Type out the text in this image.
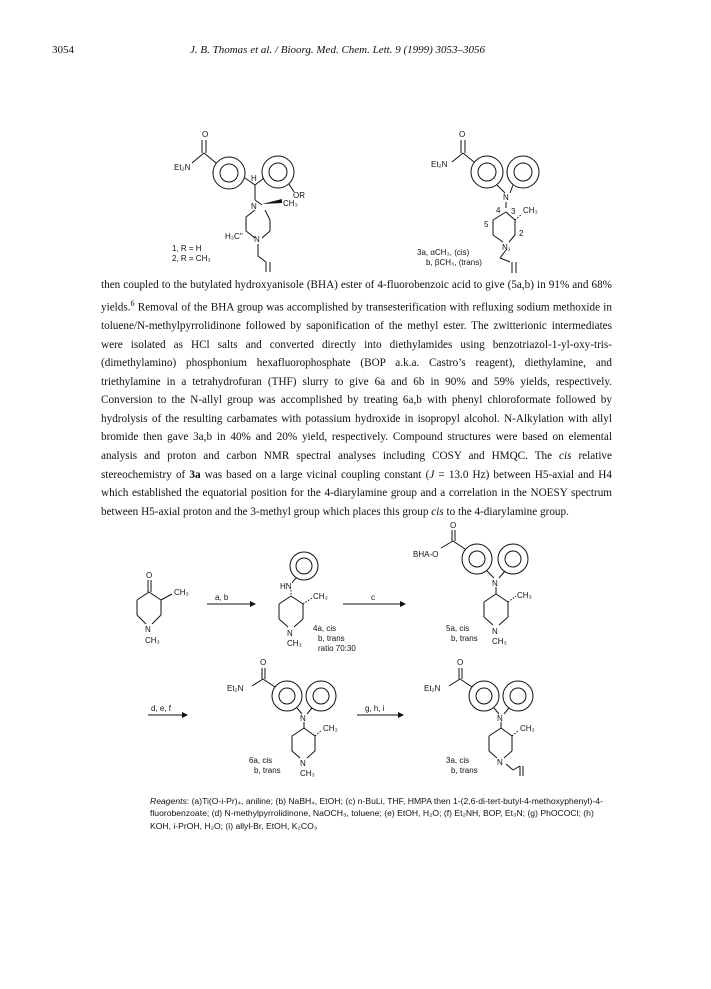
3054	J. B. Thomas et al. / Bioorg. Med. Chem. Lett. 9 (1999) 3053–3056
O
Et₂N
H
OR
N	CH₃
H₃C'' N
1, R = H
2, R = CH₃
O
Et₂N
N
4 3 CH₃
5
2
N₁
3a, αCH₃, (cis)
b, βCH₃, (trans)
then coupled to the butylated hydroxyanisole (BHA) ester of 4-fluorobenzoic acid to give (5a,b) in 91% and 68% yields.$^6$ Removal of the BHA group was accomplished by transesterification with refluxing sodium methoxide in toluene/N-methylpyrrolidinone followed by saponification of the methyl ester. The zwitterionic intermediates were isolated as HCl salts and converted directly into diethylamides using benzotriazol-1-yl-oxy-tris-(dimethylamino) phosphonium hexafluorophosphate (BOP a.k.a. Castro’s reagent), diethylamine, and triethylamine in a tetrahydrofuran (THF) slurry to give 6a and 6b in 90% and 59% yields, respectively. Conversion to the N-allyl group was accomplished by treating 6a,b with phenyl chloroformate followed by hydrolysis of the resulting carbamates with potassium hydroxide in isopropyl alcohol. N-Alkylation with allyl bromide then gave 3a,b in 40% and 20% yield, respectively. Compound structures were based on elemental analysis and proton and carbon NMR spectral analyses including COSY and HMQC. The cis relative stereochemistry of 3a was based on a large vicinal coupling constant (J = 13.0 Hz) between H5-axial and H4 which established the equatorial position for the 4-diarylamine group and a correlation in the NOESY spectrum between H5-axial proton and the 3-methyl group which places this group cis to the 4-diarylamine group.
O
CH₃
N
CH₃
a, b
HN
CH₃
N
CH₃
4a, cis
b, trans
ratio 70:30
c
O
BHA-O
N
CH₃
N
CH₃
5a, cis
b, trans
d, e, f
O
Et₂N
N
CH₃
N
CH₃
6a, cis
b, trans
g, h, i
O
Et₂N
N
CH₃
N
3a, cis
b, trans
Reagents: (a)Ti(O-i-Pr)₄, aniline; (b) NaBH₄, EtOH; (c) n-BuLi, THF, HMPA then 1-(2,6-di-tert-butyl-4-methoxyphenyl)-4-fluorobenzoate; (d) N-methylpyrrolidinone, NaOCH₃, toluene; (e) EtOH, H₂O; (f) Et₂NH, BOP, Et₃N; (g) PhOCOCl; (h) KOH, i-PrOH, H₂O; (i) allyl-Br, EtOH, K₂CO₃
